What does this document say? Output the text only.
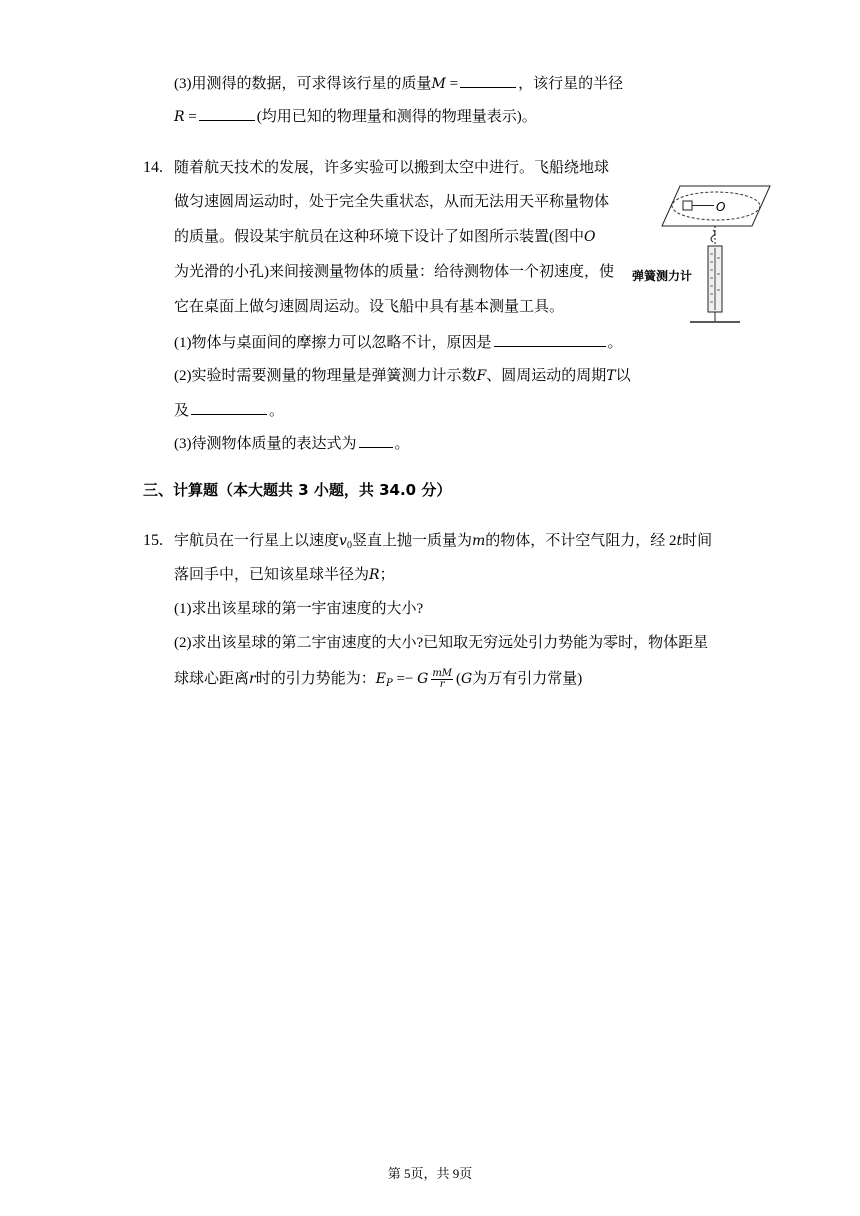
(3)用测得的数据，可求得该行星的质量M =	，该行星的半径
R =	(均用已知的物理量和测得的物理量表示)。
14. 随着航天技术的发展，许多实验可以搬到太空中进行。飞船绕地球
做匀速圆周运动时，处于完全失重状态，从而无法用天平称量物体
的质量。假设某宇航员在这种环境下设计了如图所示装置(图中O
为光滑的小孔)来间接测量物体的质量：给待测物体一个初速度，使
它在桌面上做匀速圆周运动。设飞船中具有基本测量工具。
(1)物体与桌面间的摩擦力可以忽略不计，原因是	。
(2)实验时需要测量的物理量是弹簧测力计示数F、圆周运动的周期T以
及	。
(3)待测物体质量的表达式为	。
O
弹簧测力计
三、计算题（本大题共 3 小题，共 34.0 分）
15. 宇航员在一行星上以速度$v_0$竖直上抛一质量为m的物体，不计空气阻力，经 2t时间
落回手中，已知该星球半径为R；
(1)求出该星球的第一宇宙速度的大小?
(2)求出该星球的第二宇宙速度的大小?已知取无穷远处引力势能为零时，物体距星
球球心距离r时的引力势能为：$E_P =- G \frac{mM}{r} (G$为万有引力常量)
第 5页，共 9页
